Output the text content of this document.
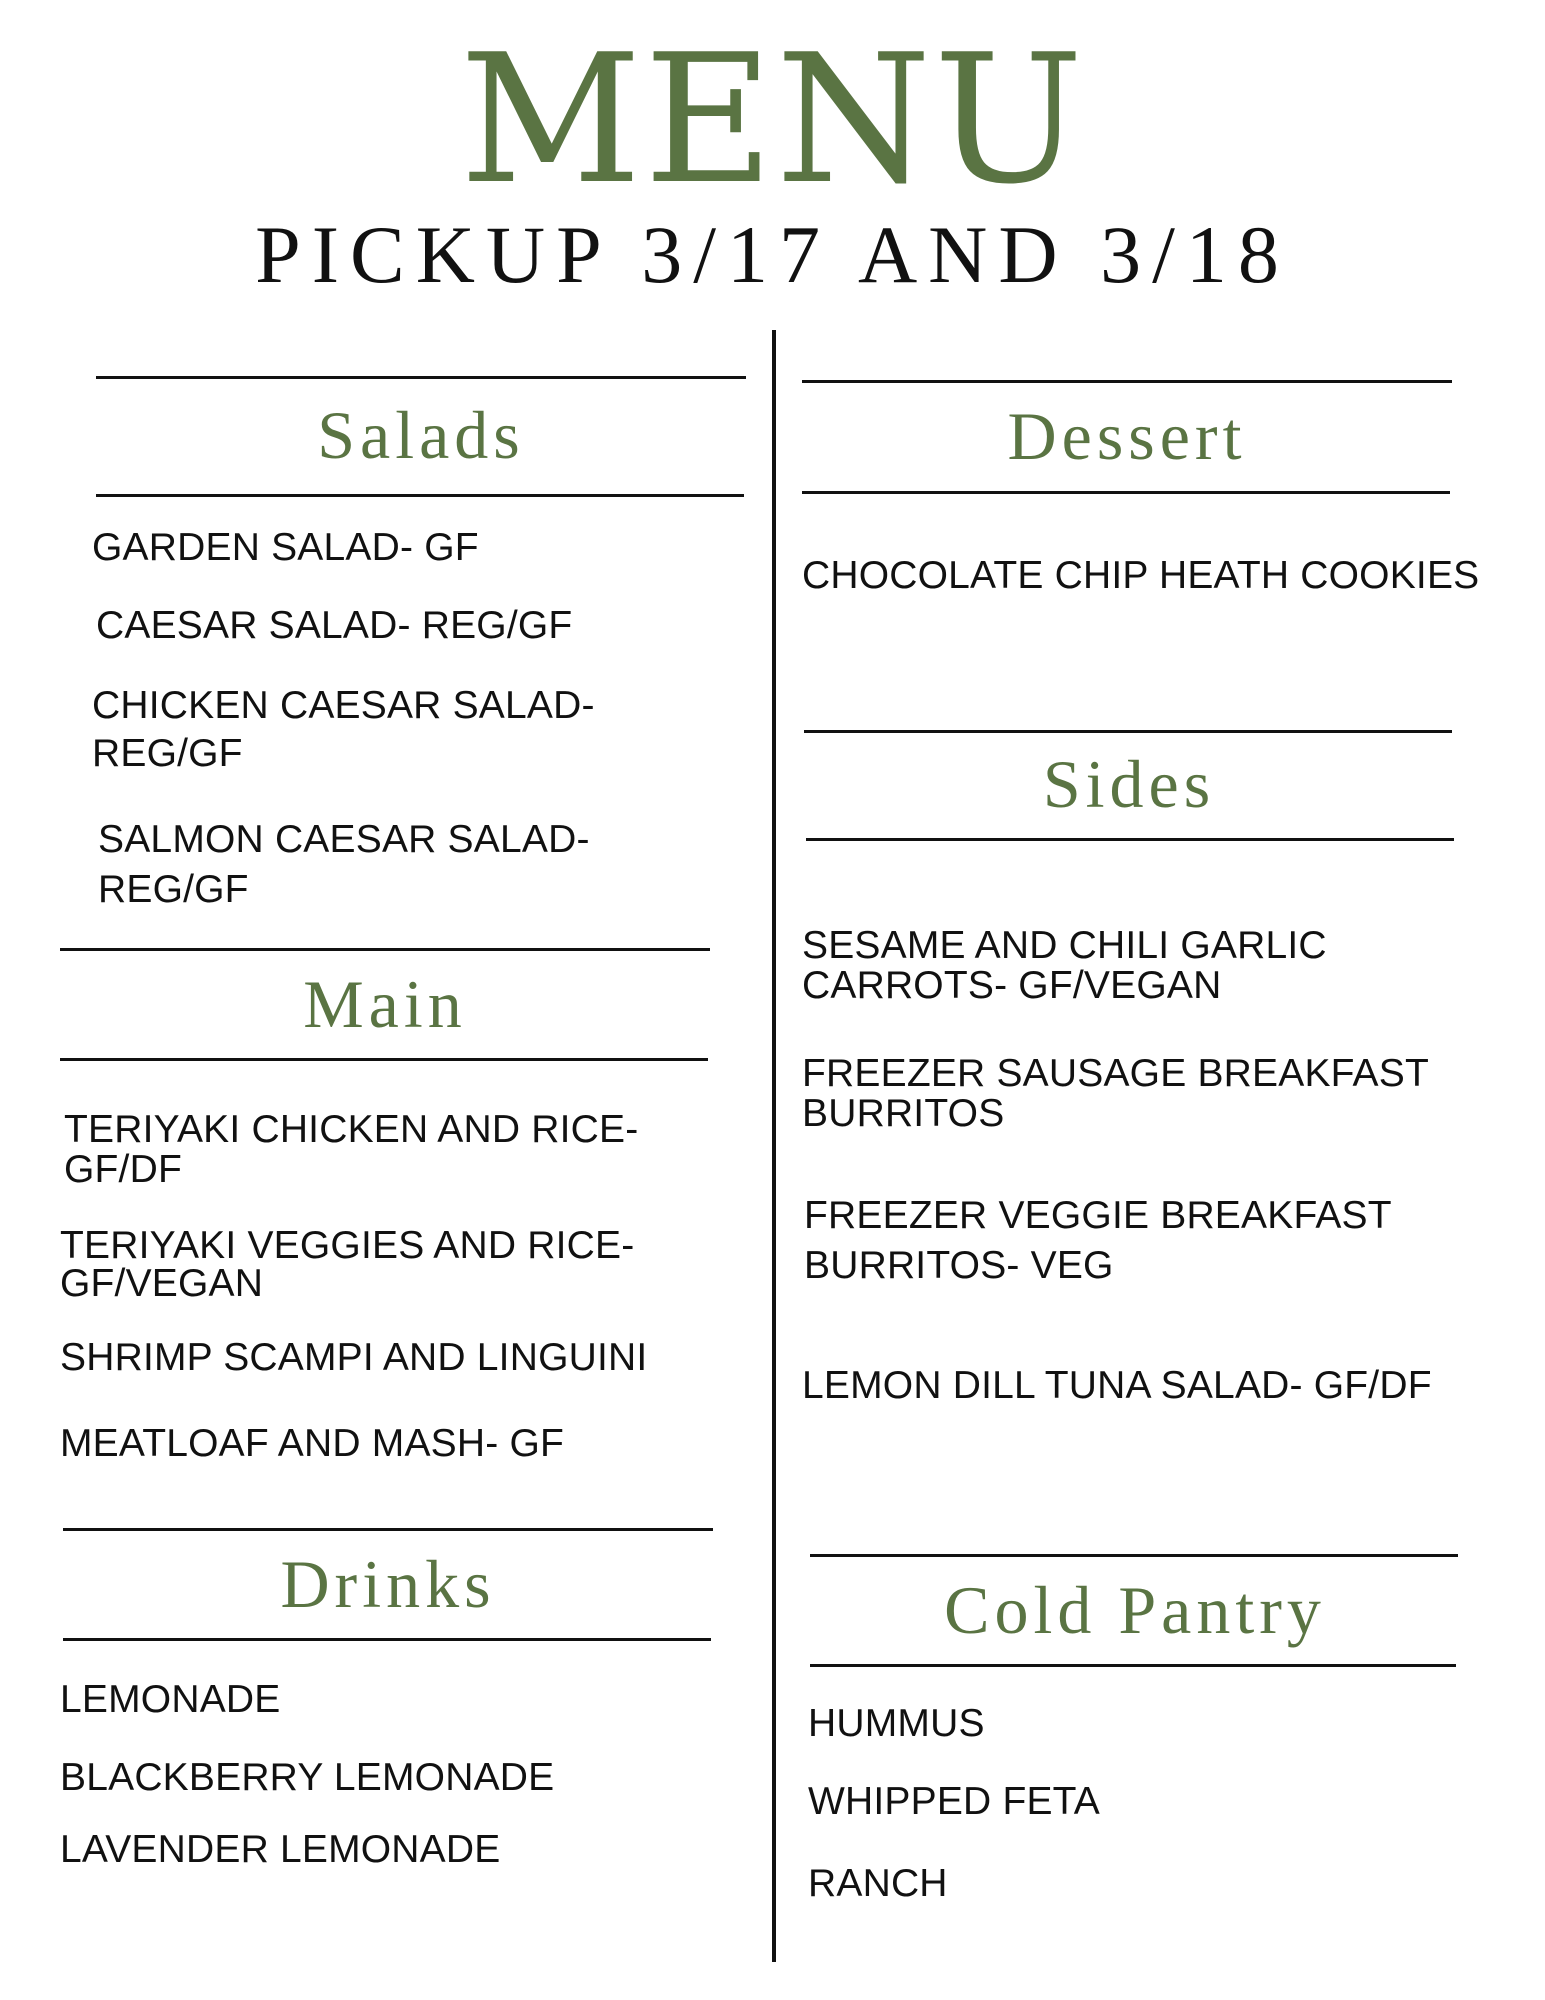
MENU
PICKUP 3/17 AND 3/18
Salads
GARDEN SALAD- GF
CAESAR SALAD- REG/GF
CHICKEN CAESAR SALAD-
REG/GF
SALMON CAESAR SALAD-
REG/GF
Main
TERIYAKI CHICKEN AND RICE-
GF/DF
TERIYAKI VEGGIES AND RICE-
GF/VEGAN
SHRIMP SCAMPI AND LINGUINI
MEATLOAF AND MASH- GF
Drinks
LEMONADE
BLACKBERRY LEMONADE
LAVENDER LEMONADE
Dessert
CHOCOLATE CHIP HEATH COOKIES
Sides
SESAME AND CHILI GARLIC
CARROTS- GF/VEGAN
FREEZER SAUSAGE BREAKFAST
BURRITOS
FREEZER VEGGIE BREAKFAST
BURRITOS- VEG
LEMON DILL TUNA SALAD- GF/DF
Cold Pantry
HUMMUS
WHIPPED FETA
RANCH
